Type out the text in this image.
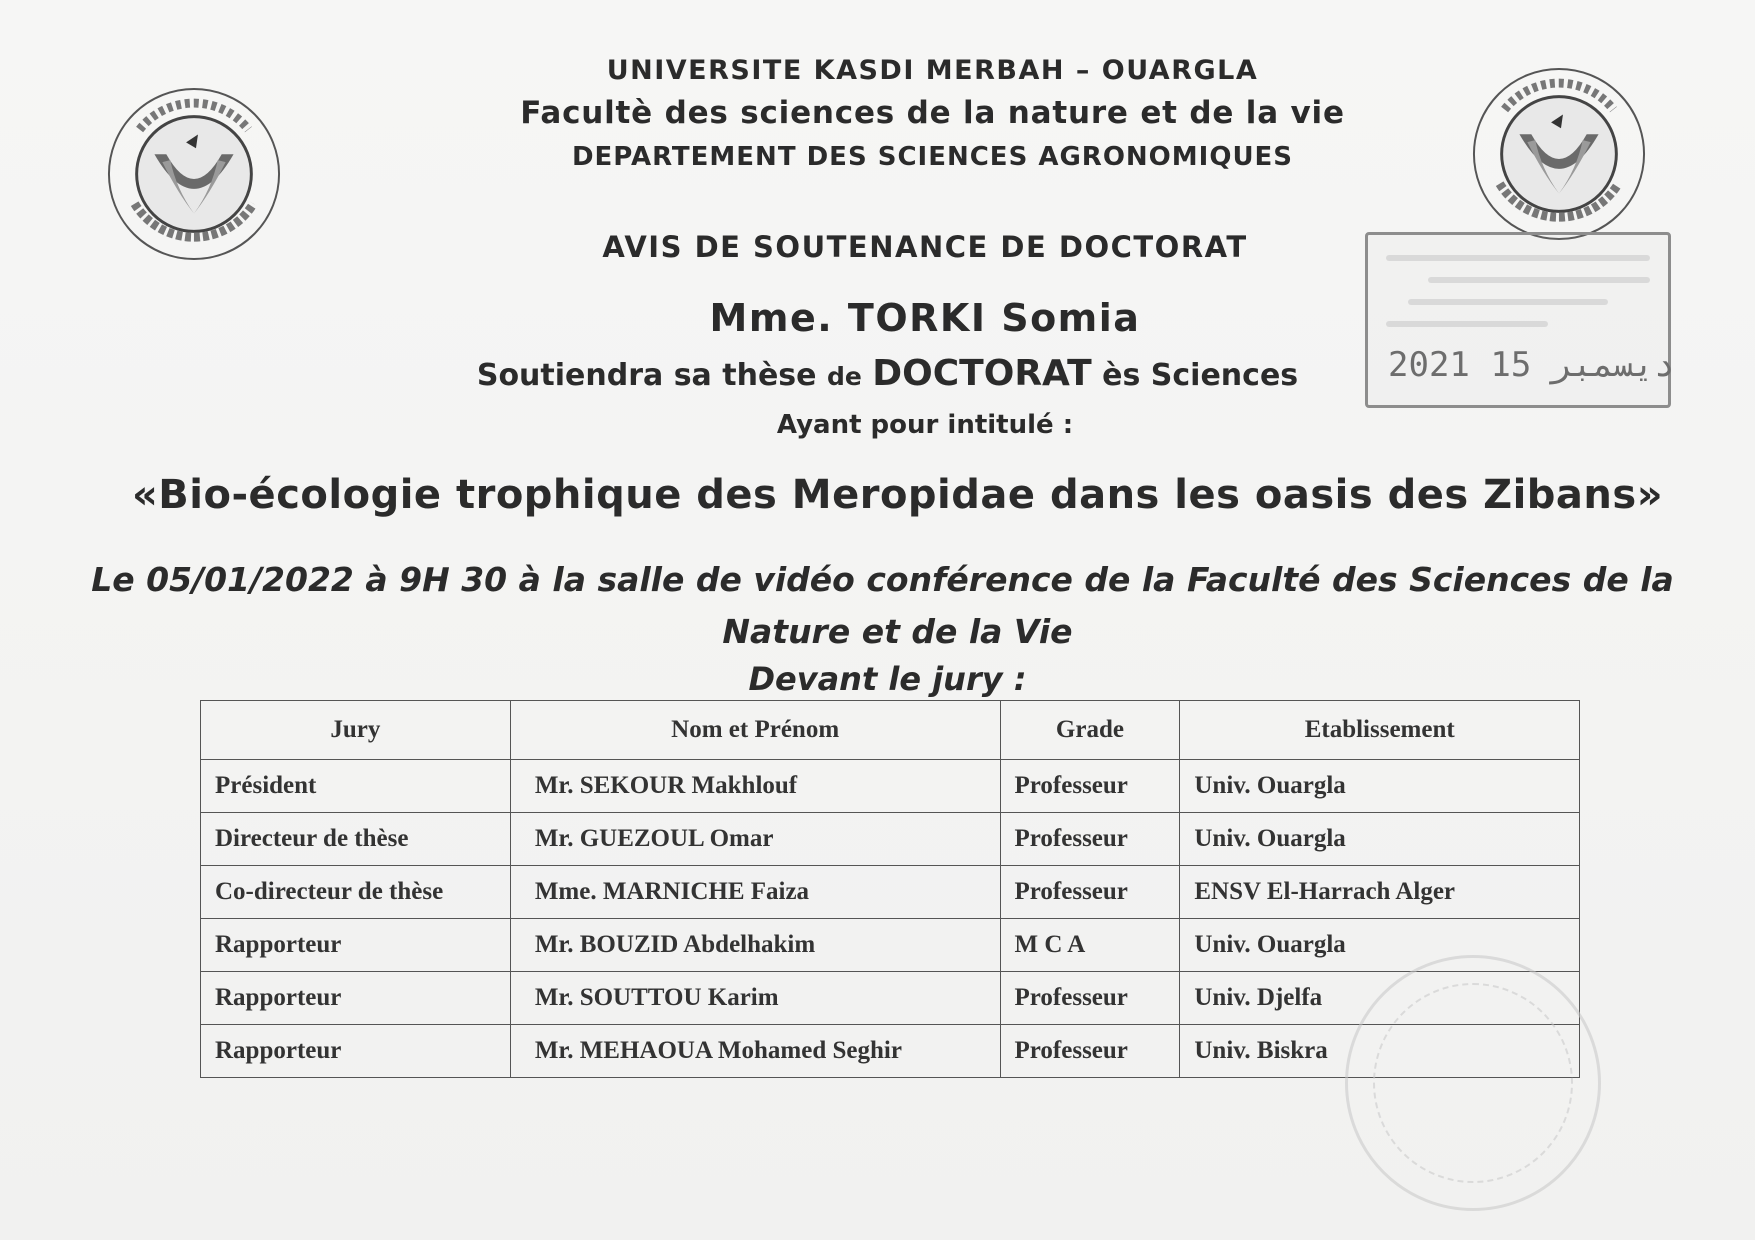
UNIVERSITE KASDI MERBAH – OUARGLA
Facultè des sciences de la nature et de la vie
DEPARTEMENT DES SCIENCES AGRONOMIQUES
2021 ديسمبر 15
AVIS DE SOUTENANCE DE DOCTORAT
Mme. TORKI Somia
Soutiendra sa thèse de DOCTORAT ès Sciences
Ayant pour intitulé :
«Bio-écologie trophique des Meropidae dans les oasis des Zibans»
Le 05/01/2022 à 9H 30 à la salle de vidéo conférence de la Faculté des Sciences de la
Nature et de la Vie
Devant le jury :
Jury	Nom et Prénom	Grade	Etablissement
Président	Mr. SEKOUR Makhlouf	Professeur	Univ. Ouargla
Directeur de thèse	Mr. GUEZOUL Omar	Professeur	Univ. Ouargla
Co-directeur de thèse	Mme. MARNICHE Faiza	Professeur	ENSV El-Harrach Alger
Rapporteur	Mr. BOUZID Abdelhakim	M C A	Univ. Ouargla
Rapporteur	Mr. SOUTTOU Karim	Professeur	Univ. Djelfa
Rapporteur	Mr. MEHAOUA Mohamed Seghir	Professeur	Univ. Biskra
